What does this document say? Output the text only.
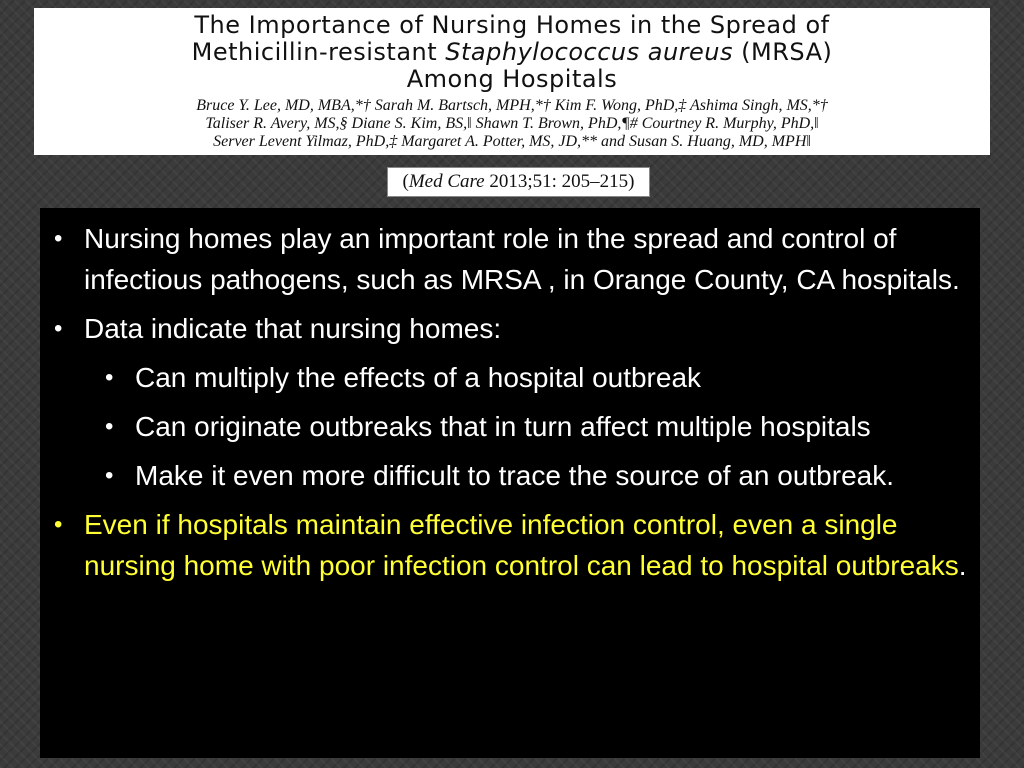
The Importance of Nursing Homes in the Spread of
Methicillin-resistant Staphylococcus aureus (MRSA)
Among Hospitals
Bruce Y. Lee, MD, MBA,*† Sarah M. Bartsch, MPH,*† Kim F. Wong, PhD,‡ Ashima Singh, MS,*†
Taliser R. Avery, MS,§ Diane S. Kim, BS,‖ Shawn T. Brown, PhD,¶# Courtney R. Murphy, PhD,‖
Server Levent Yilmaz, PhD,‡ Margaret A. Potter, MS, JD,** and Susan S. Huang, MD, MPH‖
(Med Care 2013;51: 205–215)
• Nursing homes play an important role in the spread and control of infectious pathogens, such as MRSA , in Orange County, CA hospitals.
• Data indicate that nursing homes:
• Can multiply the effects of a hospital outbreak
• Can originate outbreaks that in turn affect multiple hospitals
• Make it even more difficult to trace the source of an outbreak.
• Even if hospitals maintain effective infection control, even a single nursing home with poor infection control can lead to hospital outbreaks.
